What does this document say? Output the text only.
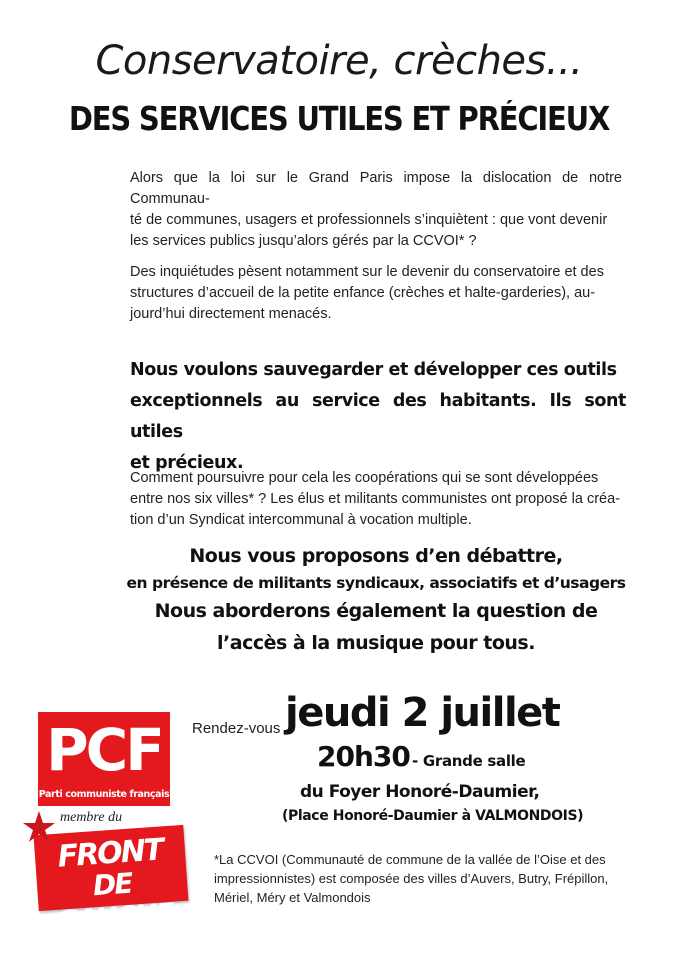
Conservatoire, crèches...
DES SERVICES UTILES ET PRÉCIEUX
Alors que la loi sur le Grand Paris impose la dislocation de notre Communau-
té de communes, usagers et professionnels s’inquiètent : que vont devenir
les services publics jusqu’alors gérés par la CCVOI* ?
Des inquiétudes pèsent notamment sur le devenir du conservatoire et des
structures d’accueil de la petite enfance (crèches et halte-garderies), au-
jourd’hui directement menacés.
Nous voulons sauvegarder et développer ces outils
exceptionnels au service des habitants. Ils sont utiles
et précieux.
Comment poursuivre pour cela les coopérations qui se sont développées
entre nos six villes* ? Les élus et militants communistes ont proposé la créa-
tion d’un Syndicat intercommunal à vocation multiple.
Nous vous proposons d’en débattre,
en présence de militants syndicaux, associatifs et d’usagers
Nous aborderons également la question de
l’accès à la musique pour tous.
Rendez-vous jeudi 2 juillet
20h30 - Grande salle
du Foyer Honoré-Daumier,
(Place Honoré-Daumier à VALMONDOIS)
PCF
Parti communiste français
membre du
FRONT
DE GAUCHE
*La CCVOI (Communauté de commune de la vallée de l’Oise et des
impressionnistes) est composée des villes d’Auvers, Butry, Frépillon,
Mériel, Méry et Valmondois
